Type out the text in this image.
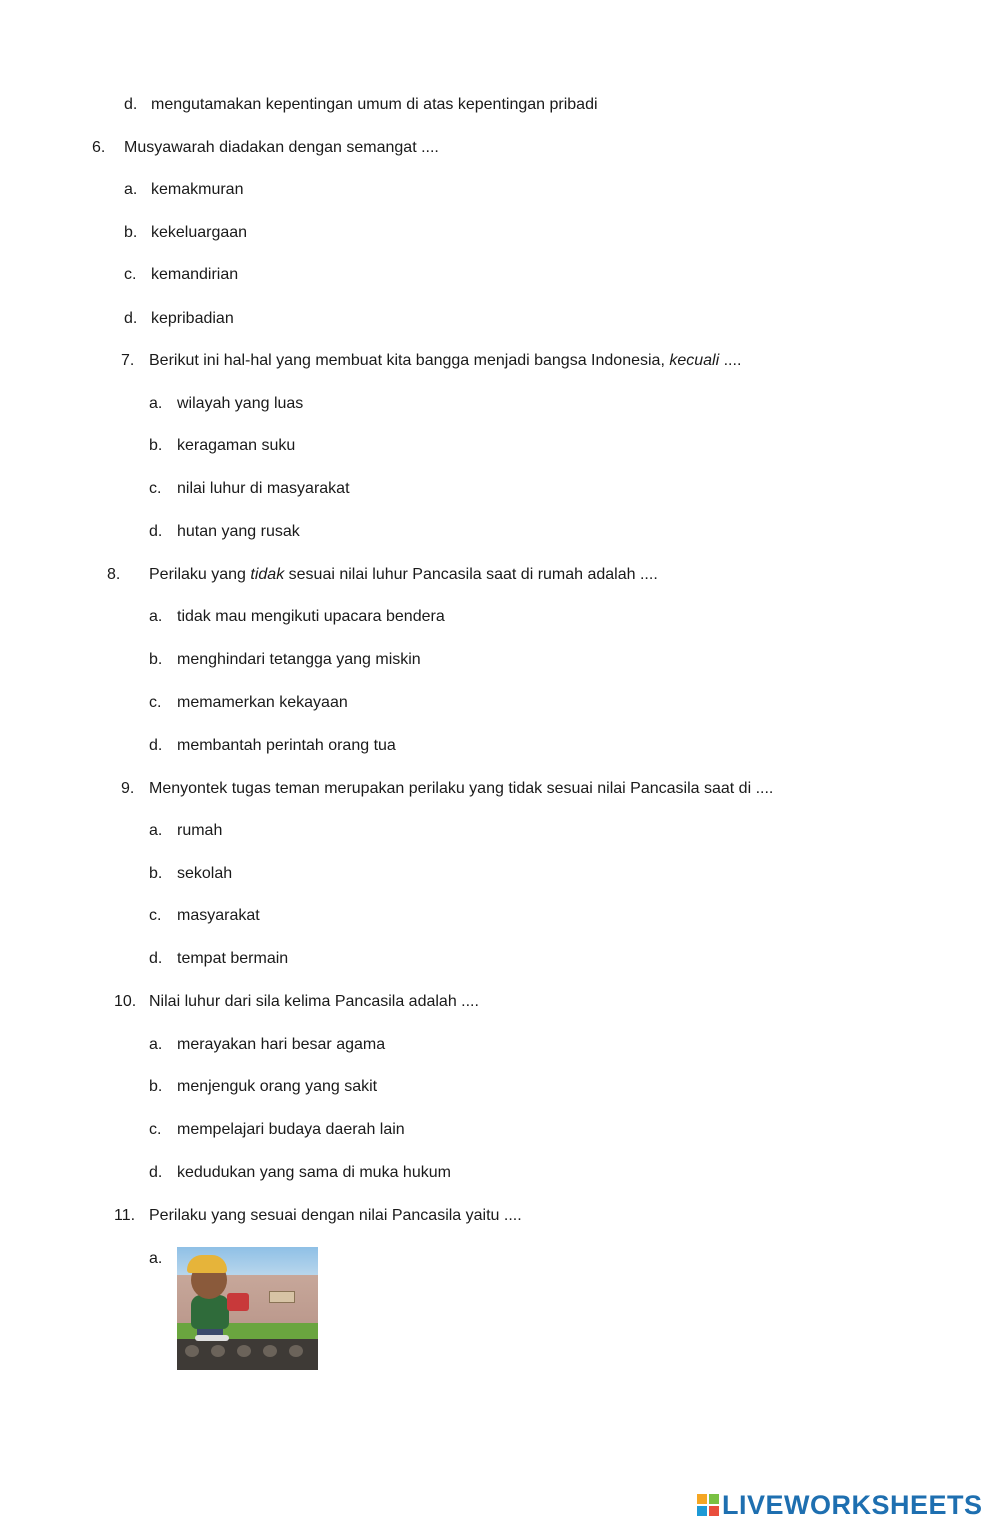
d. mengutamakan kepentingan umum di atas kepentingan pribadi
6. Musyawarah diadakan dengan semangat ....
a. kemakmuran
b. kekeluargaan
c. kemandirian
d. kepribadian
7. Berikut ini hal-hal yang membuat kita bangga menjadi bangsa Indonesia, kecuali ....
a. wilayah yang luas
b. keragaman suku
c. nilai luhur di masyarakat
d. hutan yang rusak
8. Perilaku yang tidak sesuai nilai luhur Pancasila saat di rumah adalah ....
a. tidak mau mengikuti upacara bendera
b. menghindari tetangga yang miskin
c. memamerkan kekayaan
d. membantah perintah orang tua
9. Menyontek tugas teman merupakan perilaku yang tidak sesuai nilai Pancasila saat di ....
a. rumah
b. sekolah
c. masyarakat
d. tempat bermain
10. Nilai luhur dari sila kelima Pancasila adalah ....
a. merayakan hari besar agama
b. menjenguk orang yang sakit
c. mempelajari budaya daerah lain
d. kedudukan yang sama di muka hukum
11. Perilaku yang sesuai dengan nilai Pancasila yaitu ....
a.
LIVEWORKSHEETS
